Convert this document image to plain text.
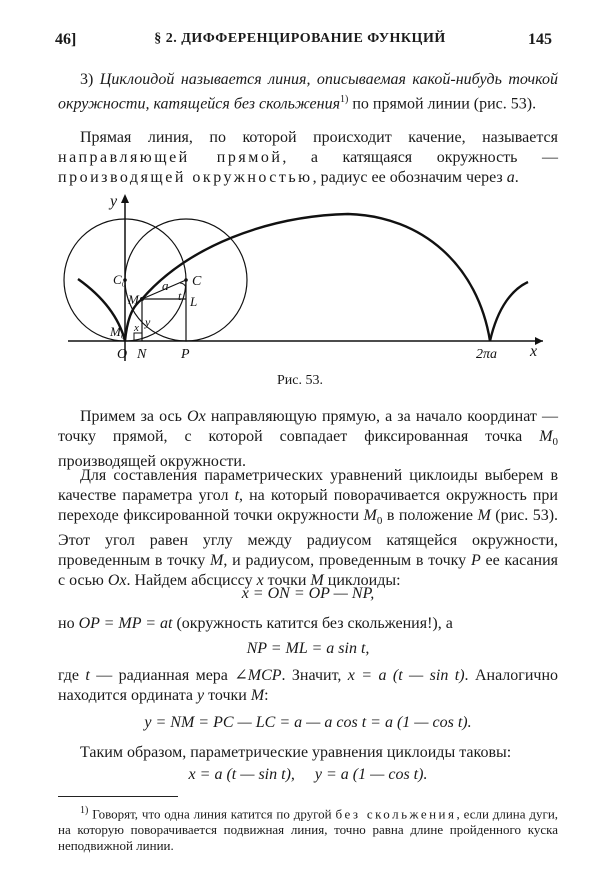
§ 2. ДИФФЕРЕНЦИРОВАНИЕ ФУНКЦИЙ
46]	145
3) Циклоидой называется линия, описываемая какой-нибудь точкой окружности, катящейся без скольжения$^{1)}$ по прямой линии (рис. 53).
Прямая линия, по которой происходит качение, называется направляющей прямой, а катящаяся окружность — производящей окружностью, радиус ее обозначим через a.
y
x
C₀	C
M
M₀
a
t L
O N P
y
x
2πa
Рис. 53.
Примем за ось Ox направляющую прямую, а за начало координат — точку прямой, с которой совпадает фиксированная точка $M_0$ производящей окружности.
Для составления параметрических уравнений циклоиды выберем в качестве параметра угол t, на который поворачивается окружность при переходе фиксированной точки окружности $M_0$ в положение M (рис. 53). Этот угол равен углу между радиусом катящейся окружности, проведенным в точку M, и радиусом, проведенным в точку P ее касания с осью Ox. Найдем абсциссу x точки M циклоиды:
x = ON = OP — NP,
но OP = MP = at (окружность катится без скольжения!), а
NP = ML = a sin t,
где t — радианная мера ∠MCP. Значит, x = a (t — sin t). Аналогично находится ордината y точки M:
y = NM = PC — LC = a — a cos t = a (1 — cos t).
Таким образом, параметрические уравнения циклоиды таковы:
x = a (t — sin t),     y = a (1 — cos t).
$^{1)}$ Говорят, что одна линия катится по другой без скольжения, если длина дуги, на которую поворачивается подвижная линия, точно равна длине пройденного куска неподвижной линии.
